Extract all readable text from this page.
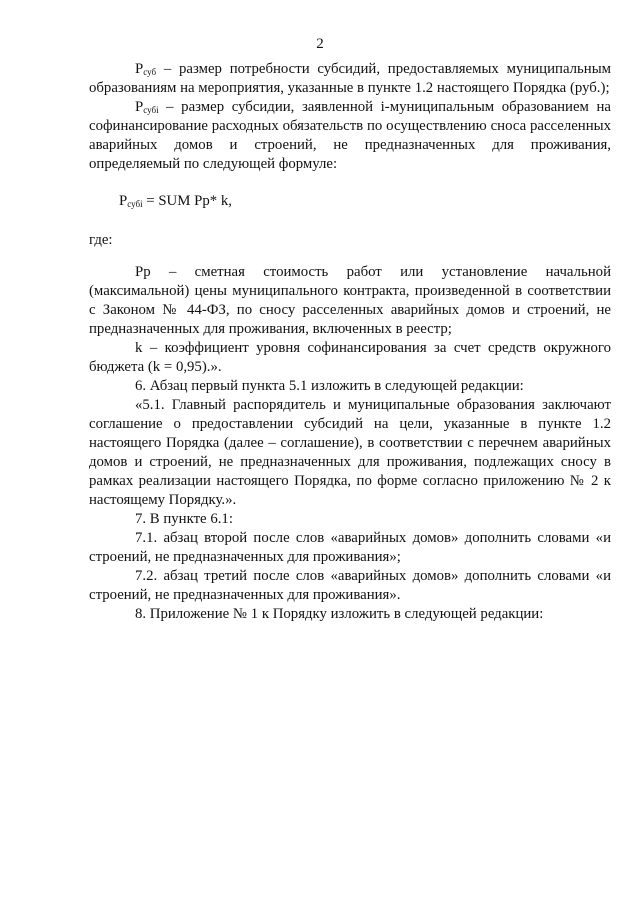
2

$Р_{суб}$ – размер потребности субсидий, предоставляемых муниципальным образованиям на мероприятия, указанные в пункте 1.2 настоящего Порядка (руб.);

$Р_{субi}$ – размер субсидии, заявленной i-муниципальным образованием на софинансирование расходных обязательств по осуществлению сноса расселенных аварийных домов и строений, не предназначенных для проживания, определяемый по следующей формуле:

$Р_{субi}$ = SUM Рр* k,

где:

Рр – сметная стоимость работ или установление начальной (максимальной) цены муниципального контракта, произведенной в соответствии с Законом № 44-ФЗ, по сносу расселенных аварийных домов и строений, не предназначенных для проживания, включенных в реестр;

k – коэффициент уровня софинансирования за счет средств окружного бюджета (k = 0,95).».

6. Абзац первый пункта 5.1 изложить в следующей редакции:

«5.1. Главный распорядитель и муниципальные образования заключают соглашение о предоставлении субсидий на цели, указанные в пункте 1.2 настоящего Порядка (далее – соглашение), в соответствии с перечнем аварийных домов и строений, не предназначенных для проживания, подлежащих сносу в рамках реализации настоящего Порядка, по форме согласно приложению № 2 к настоящему Порядку.».

7. В пункте 6.1:

7.1. абзац второй после слов «аварийных домов» дополнить словами «и строений, не предназначенных для проживания»;

7.2. абзац третий после слов «аварийных домов» дополнить словами «и строений, не предназначенных для проживания».

8. Приложение № 1 к Порядку изложить в следующей редакции:
